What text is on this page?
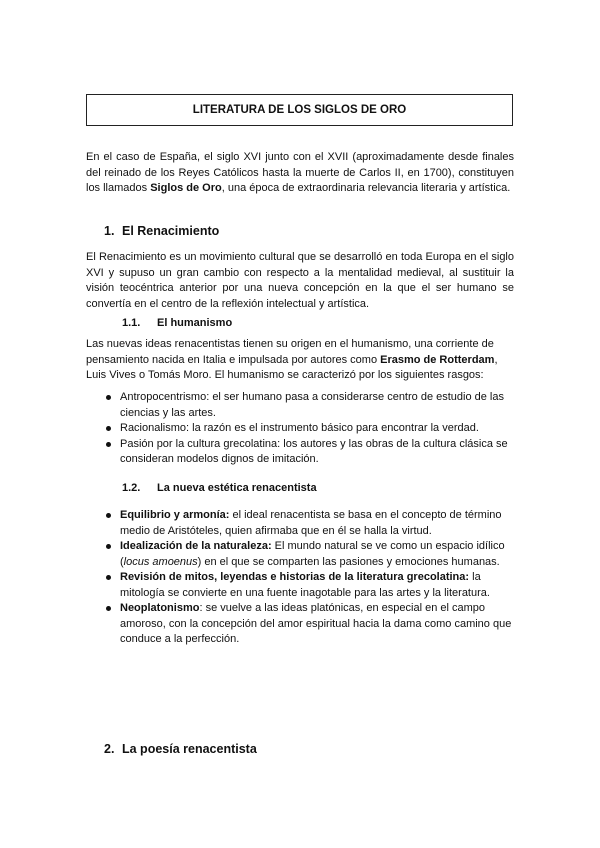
LITERATURA DE LOS SIGLOS DE ORO

En el caso de España, el siglo XVI junto con el XVII (aproximadamente desde finales del reinado de los Reyes Católicos hasta la muerte de Carlos II, en 1700), constituyen los llamados Siglos de Oro, una época de extraordinaria relevancia literaria y artística.

1. El Renacimiento

El Renacimiento es un movimiento cultural que se desarrolló en toda Europa en el siglo XVI y supuso un gran cambio con respecto a la mentalidad medieval, al sustituir la visión teocéntrica anterior por una nueva concepción en la que el ser humano se convertía en el centro de la reflexión intelectual y artística.

1.1. El humanismo

Las nuevas ideas renacentistas tienen su origen en el humanismo, una corriente de pensamiento nacida en Italia e impulsada por autores como Erasmo de Rotterdam, Luis Vives o Tomás Moro. El humanismo se caracterizó por los siguientes rasgos:

Antropocentrismo: el ser humano pasa a considerarse centro de estudio de las ciencias y las artes.
Racionalismo: la razón es el instrumento básico para encontrar la verdad.
Pasión por la cultura grecolatina: los autores y las obras de la cultura clásica se consideran modelos dignos de imitación.
1.2. La nueva estética renacentista
Equilibrio y armonía: el ideal renacentista se basa en el concepto de término medio de Aristóteles, quien afirmaba que en él se halla la virtud.
Idealización de la naturaleza: El mundo natural se ve como un espacio idílico (locus amoenus) en el que se comparten las pasiones y emociones humanas.
Revisión de mitos, leyendas e historias de la literatura grecolatina: la mitología se convierte en una fuente inagotable para las artes y la literatura.
Neoplatonismo: se vuelve a las ideas platónicas, en especial en el campo amoroso, con la concepción del amor espiritual hacia la dama como camino que conduce a la perfección.
2. La poesía renacentista
